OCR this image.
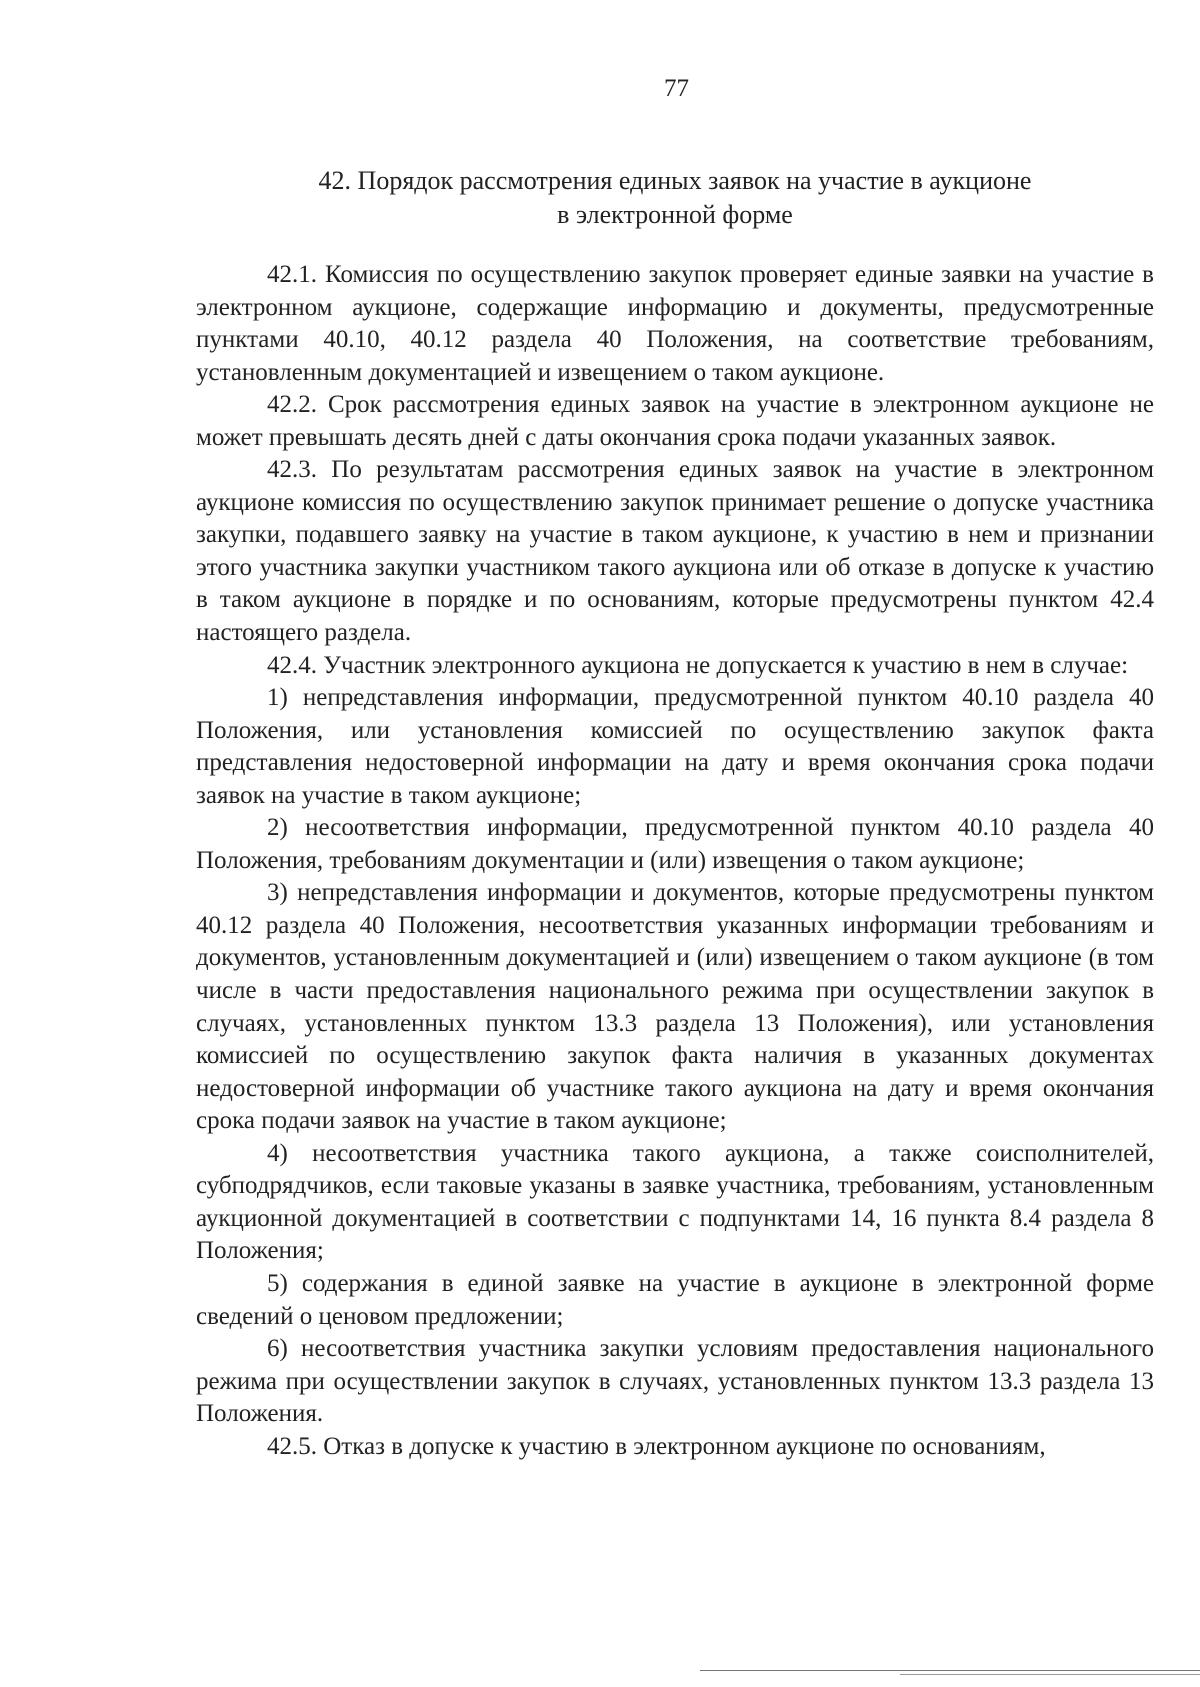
77
42. Порядок рассмотрения единых заявок на участие в аукционе
в электронной форме

42.1. Комиссия по осуществлению закупок проверяет единые заявки на участие в электронном аукционе, содержащие информацию и документы, предусмотренные пунктами 40.10, 40.12 раздела 40 Положения, на соответствие требованиям, установленным документацией и извещением о таком аукционе.

42.2. Срок рассмотрения единых заявок на участие в электронном аукционе не может превышать десять дней с даты окончания срока подачи указанных заявок.

42.3. По результатам рассмотрения единых заявок на участие в электронном аукционе комиссия по осуществлению закупок принимает решение о допуске участника закупки, подавшего заявку на участие в таком аукционе, к участию в нем и признании этого участника закупки участником такого аукциона или об отказе в допуске к участию в таком аукционе в порядке и по основаниям, которые предусмотрены пунктом 42.4 настоящего раздела.

42.4. Участник электронного аукциона не допускается к участию в нем в случае:

1) непредставления информации, предусмотренной пунктом 40.10 раздела 40 Положения, или установления комиссией по осуществлению закупок факта представления недостоверной информации на дату и время окончания срока подачи заявок на участие в таком аукционе;

2) несоответствия информации, предусмотренной пунктом 40.10 раздела 40 Положения, требованиям документации и (или) извещения о таком аукционе;

3) непредставления информации и документов, которые предусмотрены пунктом 40.12 раздела 40 Положения, несоответствия указанных информации требованиям и документов, установленным документацией и (или) извещением о таком аукционе (в том числе в части предоставления национального режима при осуществлении закупок в случаях, установленных пунктом 13.3 раздела 13 Положения), или установления комиссией по осуществлению закупок факта наличия в указанных документах недостоверной информации об участнике такого аукциона на дату и время окончания срока подачи заявок на участие в таком аукционе;

4) несоответствия участника такого аукциона, а также соисполнителей, субподрядчиков, если таковые указаны в заявке участника, требованиям, установленным аукционной документацией в соответствии с подпунктами 14, 16 пункта 8.4 раздела 8 Положения;

5) содержания в единой заявке на участие в аукционе в электронной форме сведений о ценовом предложении;

6) несоответствия участника закупки условиям предоставления национального режима при осуществлении закупок в случаях, установленных пунктом 13.3 раздела 13 Положения.

42.5. Отказ в допуске к участию в электронном аукционе по основаниям,
